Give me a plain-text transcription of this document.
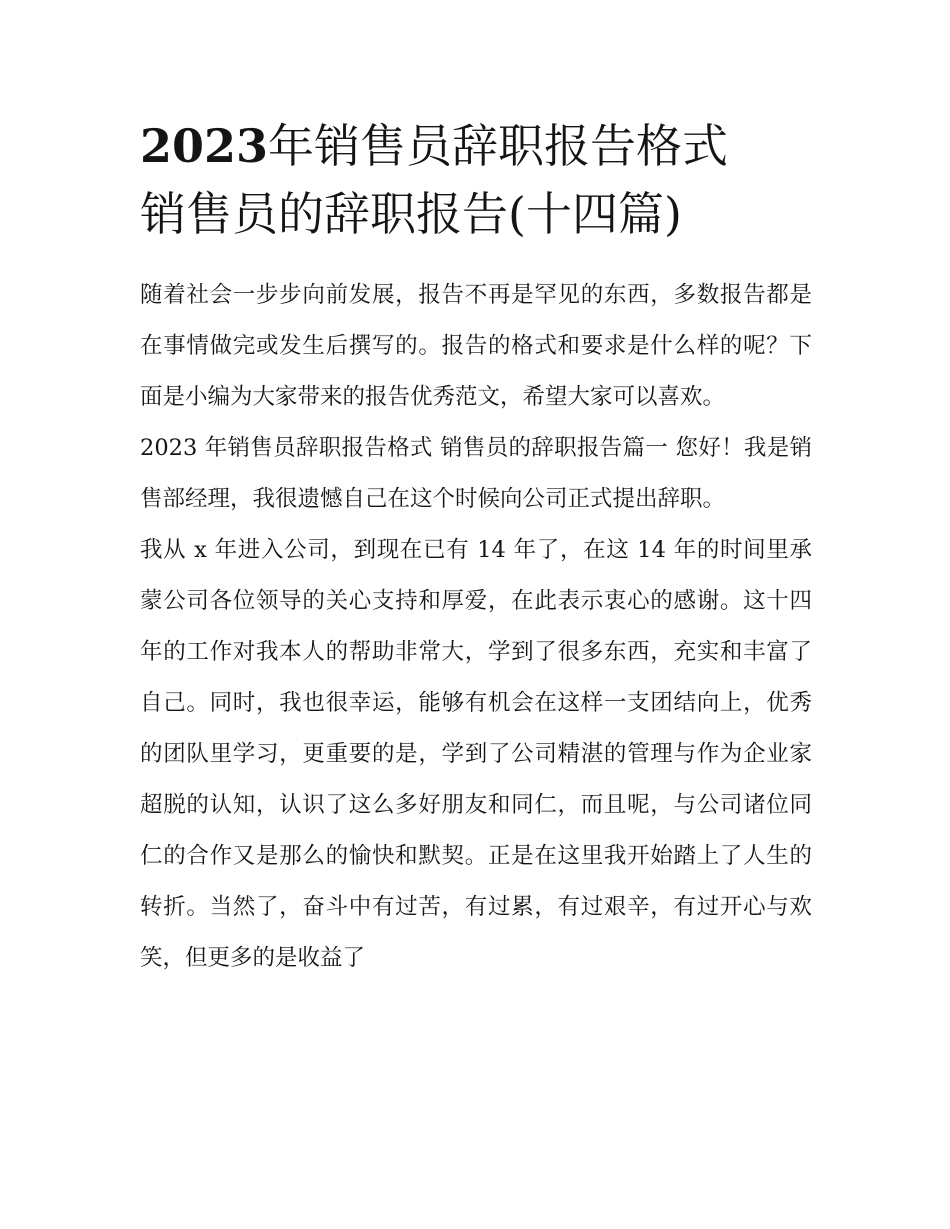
2023年销售员辞职报告格式
销售员的辞职报告(十四篇)

随着社会一步步向前发展，报告不再是罕见的东西，多数报告都是在事情做完或发生后撰写的。报告的格式和要求是什么样的呢？下面是小编为大家带来的报告优秀范文，希望大家可以喜欢。

2023 年销售员辞职报告格式 销售员的辞职报告篇一 您好！我是销售部经理，我很遗憾自己在这个时候向公司正式提出辞职。

我从 x 年进入公司，到现在已有 14 年了，在这 14 年的时间里承蒙公司各位领导的关心支持和厚爱，在此表示衷心的感谢。这十四年的工作对我本人的帮助非常大，学到了很多东西，充实和丰富了自己。同时，我也很幸运，能够有机会在这样一支团结向上，优秀的团队里学习，更重要的是，学到了公司精湛的管理与作为企业家超脱的认知，认识了这么多好朋友和同仁，而且呢，与公司诸位同仁的合作又是那么的愉快和默契。正是在这里我开始踏上了人生的转折。当然了，奋斗中有过苦，有过累，有过艰辛，有过开心与欢笑，但更多的是收益了
